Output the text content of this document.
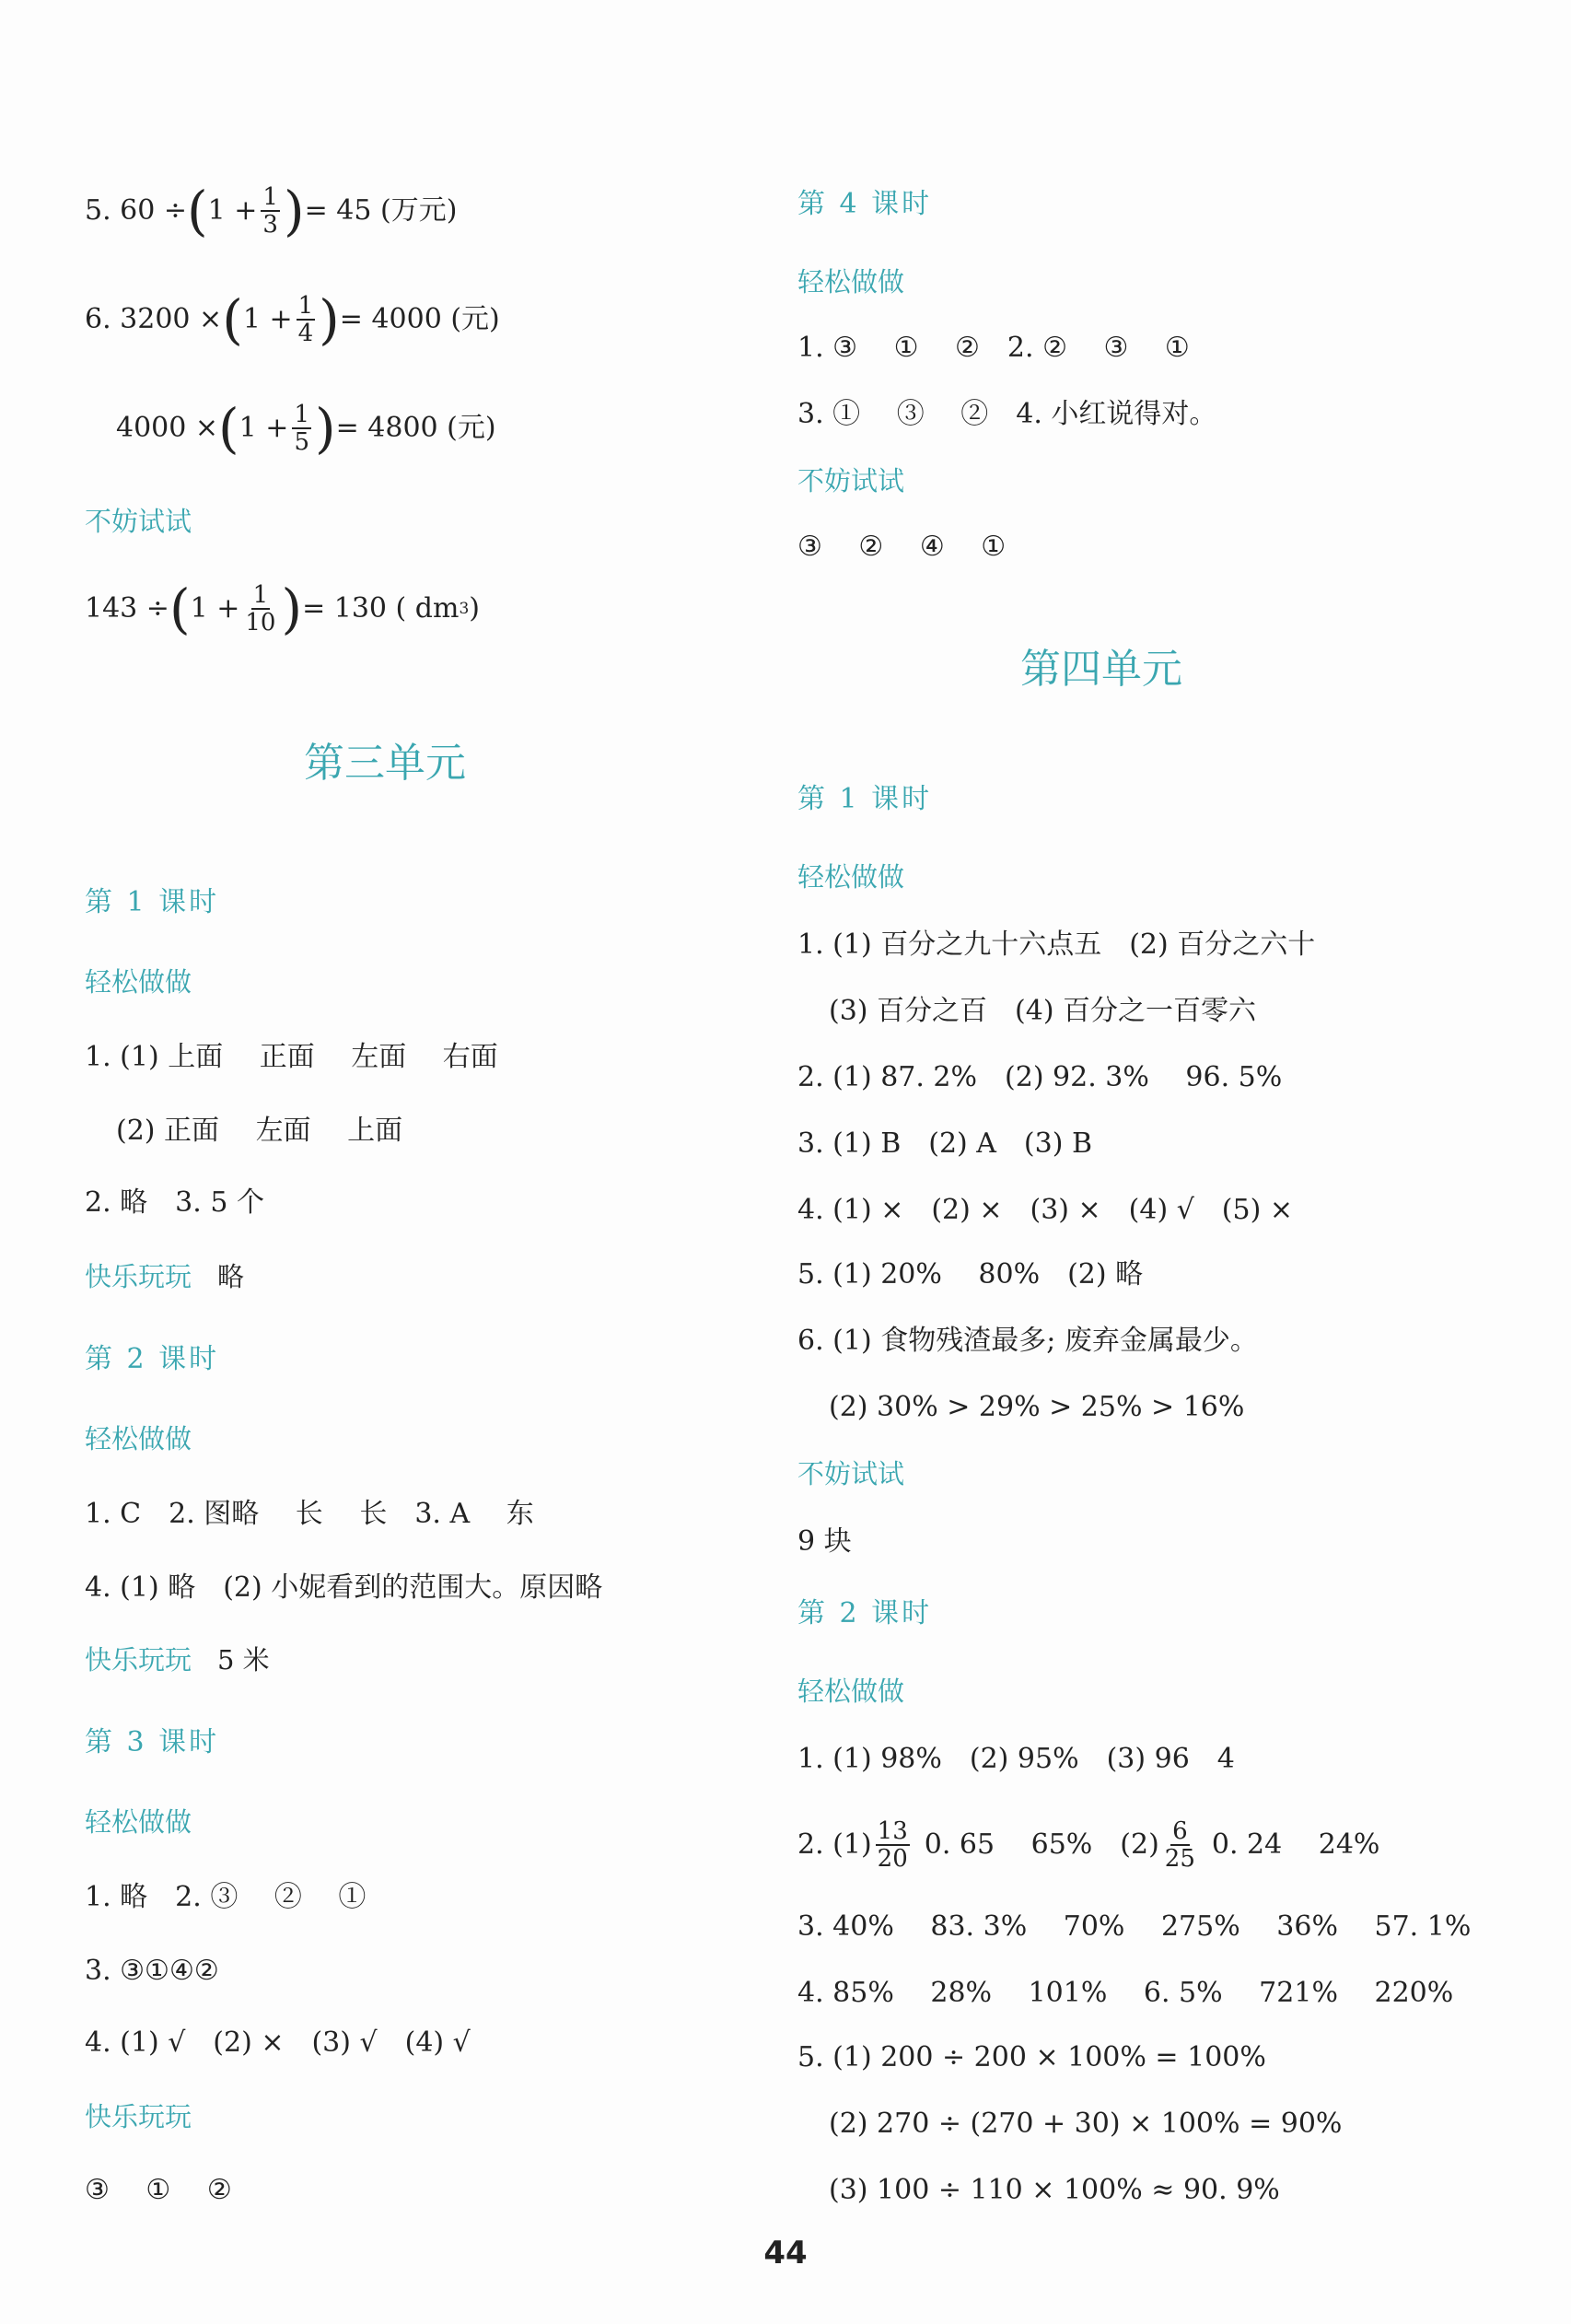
5. 60 ÷ ( $1 + \frac{1}{3}$ ) = 45 (万元)
6. 3200 × ( $1 + \frac{1}{4}$ ) = 4000 (元)
4000 × ( $1 + \frac{1}{5}$ ) = 4800 (元)
不妨试试
143 ÷ ( $1 + \frac{1}{10}$ ) = 130 ( dm 3 )
第三单元
第 1 课时
轻松做做
1. (1) 上面　 正面　 左面　 右面
(2) 正面　 左面　 上面
2. 略　3. 5 个
快乐玩玩 略
第 2 课时
轻松做做
1. C　2. 图略　 长　 长　3. A　 东
4. (1) 略　(2) 小妮看到的范围大。原因略
快乐玩玩 5 米
第 3 课时
轻松做做
1. 略　2. ③　 ②　 ①
3. ③①④②
4. (1) √　(2) ×　(3) √　(4) √
快乐玩玩
③　 ①　 ②
第 4 课时
轻松做做
1. ③　 ①　 ②　2. ②　 ③　 ①
3. ①　 ③　 ②　4. 小红说得对。
不妨试试
③　 ②　 ④　 ①
第四单元
第 1 课时
轻松做做
1. (1) 百分之九十六点五　(2) 百分之六十
(3) 百分之百　(4) 百分之一百零六
2. (1) 87. 2%　(2) 92. 3%　 96. 5%
3. (1) B　(2) A　(3) B
4. (1) ×　(2) ×　(3) ×　(4) √　(5) ×
5. (1) 20%　 80%　(2) 略
6. (1) 食物残渣最多; 废弃金属最少。
(2) 30% > 29% > 25% > 16%
不妨试试
9 块
第 2 课时
轻松做做
1. (1) 98%　(2) 95%　(3) 96　4
2. (1) 13
20 0. 65　 65%　(2) 6
25 0. 24　 24%
3. 40%　 83. 3%　 70%　 275%　 36%　 57. 1%
4. 85%　 28%　 101%　 6. 5%　 721%　 220%
5. (1) 200 ÷ 200 × 100% = 100%
(2) 270 ÷ (270 + 30) × 100% = 90%
(3) 100 ÷ 110 × 100% ≈ 90. 9%
44
